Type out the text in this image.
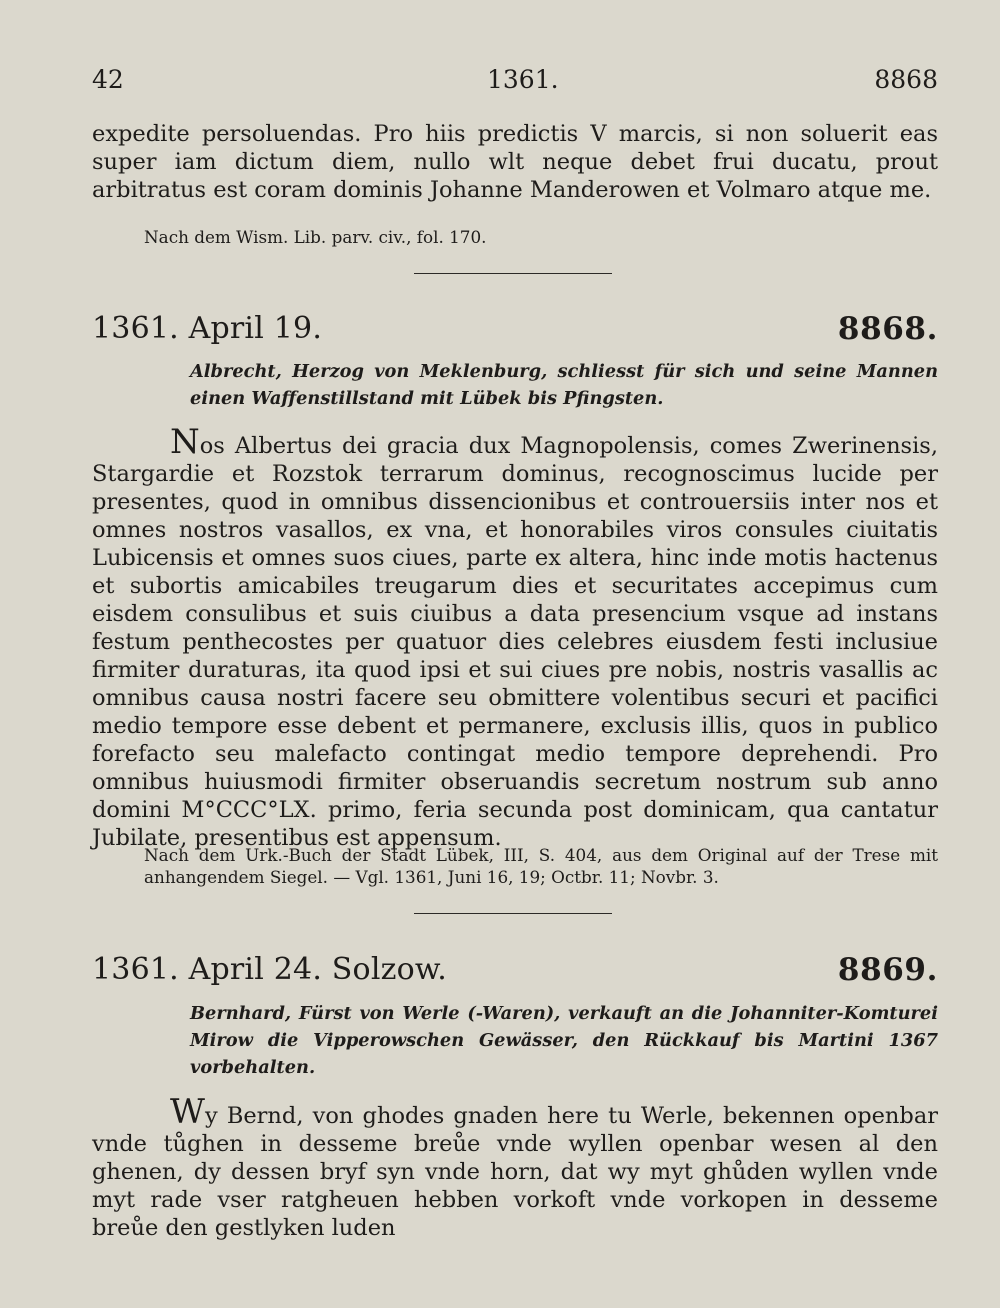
42	1361.	8868

expedite persoluendas. Pro hiis predictis V marcis, si non soluerit eas super iam dictum diem, nullo wlt neque debet frui ducatu, prout arbitratus est coram dominis Johanne Manderowen et Volmaro atque me.

Nach dem Wism. Lib. parv. civ., fol. 170.

1361. April 19.	8868.

Albrecht, Herzog von Meklenburg, schliesst für sich und seine Mannen einen Waffenstillstand mit Lübek bis Pfingsten.

Nos Albertus dei gracia dux Magnopolensis, comes Zwerinensis, Stargardie et Rozstok terrarum dominus, recognoscimus lucide per presentes, quod in omnibus dissencionibus et controuersiis inter nos et omnes nostros vasallos, ex vna, et honorabiles viros consules ciuitatis Lubicensis et omnes suos ciues, parte ex altera, hinc inde motis hactenus et subortis amicabiles treugarum dies et securitates accepimus cum eisdem consulibus et suis ciuibus a data presencium vsque ad instans festum penthecostes per quatuor dies celebres eiusdem festi inclusiue firmiter duraturas, ita quod ipsi et sui ciues pre nobis, nostris vasallis ac omnibus causa nostri facere seu obmittere volentibus securi et pacifici medio tempore esse debent et permanere, exclusis illis, quos in publico forefacto seu malefacto contingat medio tempore deprehendi. Pro omnibus huiusmodi firmiter obseruandis secretum nostrum sub anno domini M°CCC°LX. primo, feria secunda post dominicam, qua cantatur Jubilate, presentibus est appensum.

Nach dem Urk.-Buch der Stadt Lübek, III, S. 404, aus dem Original auf der Trese mit anhangendem Siegel. — Vgl. 1361, Juni 16, 19; Octbr. 11; Novbr. 3.

1361. April 24. Solzow.	8869.

Bernhard, Fürst von Werle (-Waren), verkauft an die Johanniter-Komturei Mirow die Vipperowschen Gewässer, den Rückkauf bis Martini 1367 vorbehalten.

Wy Bernd, von ghodes gnaden here tu Werle, bekennen openbar vnde tůghen in desseme breůe vnde wyllen openbar wesen al den ghenen, dy dessen bryf syn vnde horn, dat wy myt ghůden wyllen vnde myt rade vser ratgheuen hebben vorkoft vnde vorkopen in desseme breůe den gestlyken luden
